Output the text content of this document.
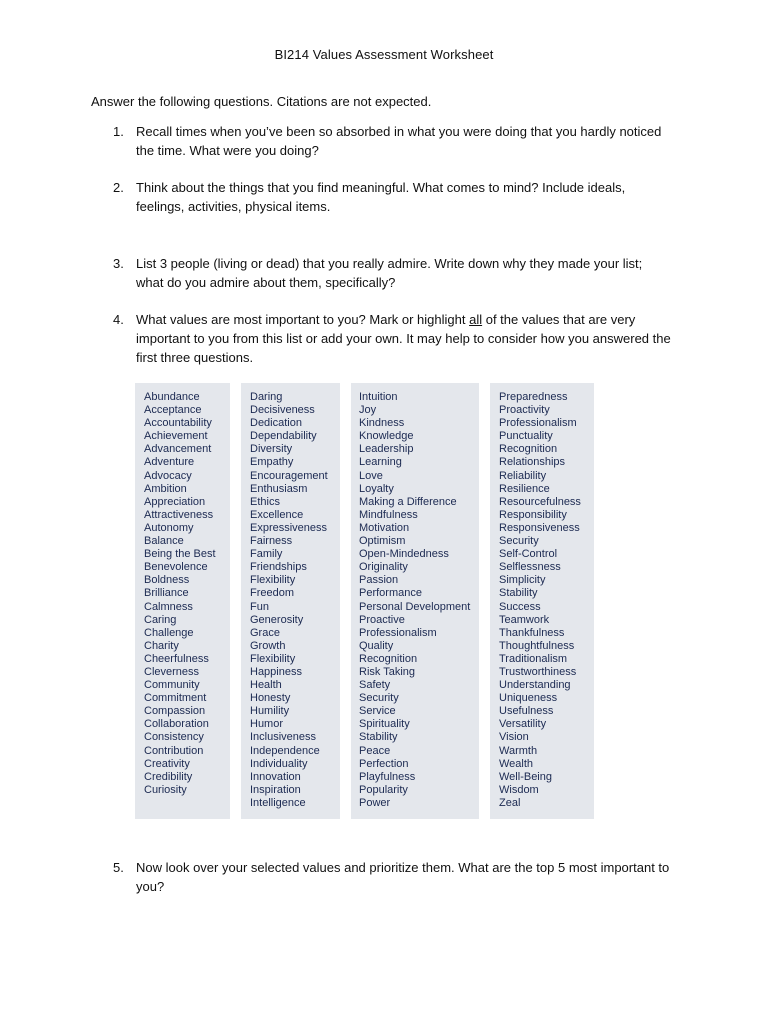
BI214 Values Assessment Worksheet
Answer the following questions. Citations are not expected.
1. Recall times when you’ve been so absorbed in what you were doing that you hardly noticed the time. What were you doing?
2. Think about the things that you find meaningful. What comes to mind? Include ideals, feelings, activities, physical items.
3. List 3 people (living or dead) that you really admire. Write down why they made your list; what do you admire about them, specifically?
4. What values are most important to you? Mark or highlight all of the values that are very important to you from this list or add your own. It may help to consider how you answered the first three questions.
Abundance
Acceptance
Accountability
Achievement
Advancement
Adventure
Advocacy
Ambition
Appreciation
Attractiveness
Autonomy
Balance
Being the Best
Benevolence
Boldness
Brilliance
Calmness
Caring
Challenge
Charity
Cheerfulness
Cleverness
Community
Commitment
Compassion
Collaboration
Consistency
Contribution
Creativity
Credibility
Curiosity
Daring
Decisiveness
Dedication
Dependability
Diversity
Empathy
Encouragement
Enthusiasm
Ethics
Excellence
Expressiveness
Fairness
Family
Friendships
Flexibility
Freedom
Fun
Generosity
Grace
Growth
Flexibility
Happiness
Health
Honesty
Humility
Humor
Inclusiveness
Independence
Individuality
Innovation
Inspiration
Intelligence
Intuition
Joy
Kindness
Knowledge
Leadership
Learning
Love
Loyalty
Making a Difference
Mindfulness
Motivation
Optimism
Open-Mindedness
Originality
Passion
Performance
Personal Development
Proactive
Professionalism
Quality
Recognition
Risk Taking
Safety
Security
Service
Spirituality
Stability
Peace
Perfection
Playfulness
Popularity
Power
Preparedness
Proactivity
Professionalism
Punctuality
Recognition
Relationships
Reliability
Resilience
Resourcefulness
Responsibility
Responsiveness
Security
Self-Control
Selflessness
Simplicity
Stability
Success
Teamwork
Thankfulness
Thoughtfulness
Traditionalism
Trustworthiness
Understanding
Uniqueness
Usefulness
Versatility
Vision
Warmth
Wealth
Well-Being
Wisdom
Zeal
5. Now look over your selected values and prioritize them. What are the top 5 most important to you?
